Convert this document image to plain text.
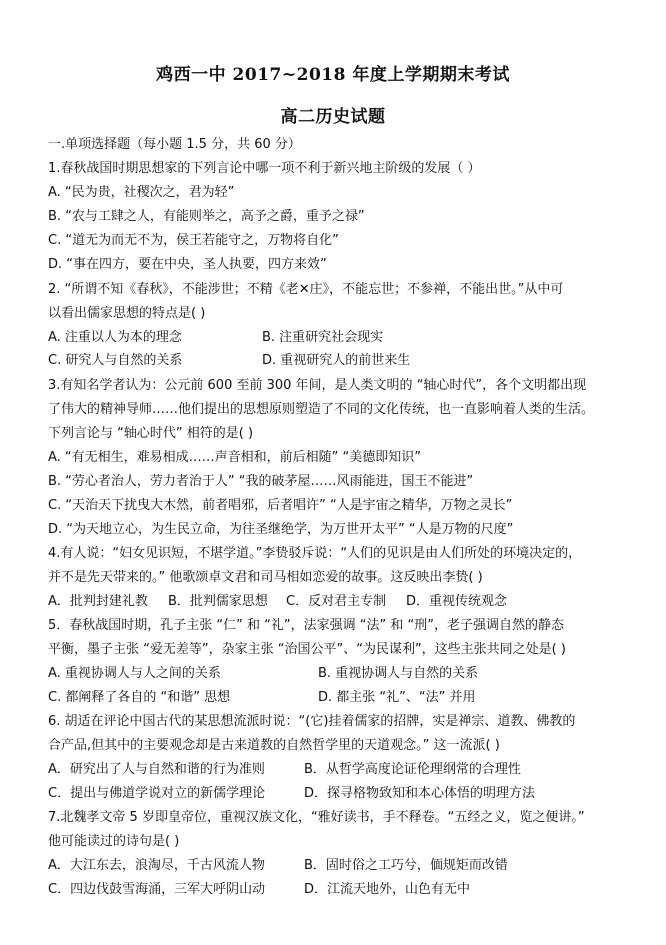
鸡西一中 2017~2018 年度上学期期末考试
高二历史试题
一.单项选择题（每小题 1.5 分，共 60 分）
1.春秋战国时期思想家的下列言论中哪一项不利于新兴地主阶级的发展（ ）
A. “民为贵，社稷次之，君为轻”
B. “农与工肆之人，有能则举之，高予之爵，重予之禄”
C. “道无为而无不为，侯王若能守之，万物将自化”
D. “事在四方，要在中央，圣人执要，四方来效”
2. “所谓不知《春秋》，不能涉世；不精《老✕庄》，不能忘世；不参禅，不能出世。”从中可
以看出儒家思想的特点是( )
A. 注重以人为本的理念	B. 注重研究社会现实
C. 研究人与自然的关系	D. 重视研究人的前世来生
3.有知名学者认为：公元前 600 至前 300 年间，是人类文明的 “轴心时代”，各个文明都出现
了伟大的精神导师……他们提出的思想原则塑造了不同的文化传统，也一直影响着人类的生活。
下列言论与 “轴心时代” 相符的是( )
A. “有无相生，难易相成……声音相和，前后相随” “美德即知识”
B. “劳心者治人，劳力者治于人” “我的破茅屋……风雨能进，国王不能进”
C. “天治天下扰曳大木然，前者唱邪，后者唱许” “人是宇宙之精华，万物之灵长”
D. “为天地立心，为生民立命，为往圣继绝学，为万世开太平” “人是万物的尺度”
4.有人说：“妇女见识短，不堪学道。”李贽驳斥说：“人们的见识是由人们所处的环境决定的，
并不是先天带来的。” 他歌颂卓文君和司马相如恋爱的故事。这反映出李贽( )
A．批判封建礼教 B．批判儒家思想 C．反对君主专制 D．重视传统观念
5．春秋战国时期，孔子主张 “仁” 和 “礼”，法家强调 “法” 和 “刑”，老子强调自然的静态
平衡，墨子主张 “爱无差等”，杂家主张 “治国公平”、“为民谋利”，这些主张共同之处是( )
A. 重视协调人与人之间的关系	B. 重视协调人与自然的关系
C. 都阐释了各自的 “和谐” 思想	D. 都主张 “礼”、“法” 并用
6. 胡适在评论中国古代的某思想流派时说：“(它)挂着儒家的招牌，实是禅宗、道教、佛教的
合产品,但其中的主要观念却是古来道教的自然哲学里的天道观念。” 这一流派( )
A．研究出了人与自然和谐的行为准则	B．从哲学高度论证伦理纲常的合理性
C．提出与佛道学说对立的新儒学理论	D．探寻格物致知和本心体悟的明理方法
7.北魏孝文帝 5 岁即皇帝位，重视汉族文化，“雅好读书，手不释卷。“五经之义，览之便讲。”
他可能读过的诗句是( )
A．大江东去，浪淘尽，千古风流人物	B．固时俗之工巧兮，偭规矩而改错
C．四边伐鼓雪海涌，三军大呼阴山动	D．江流天地外，山色有无中
